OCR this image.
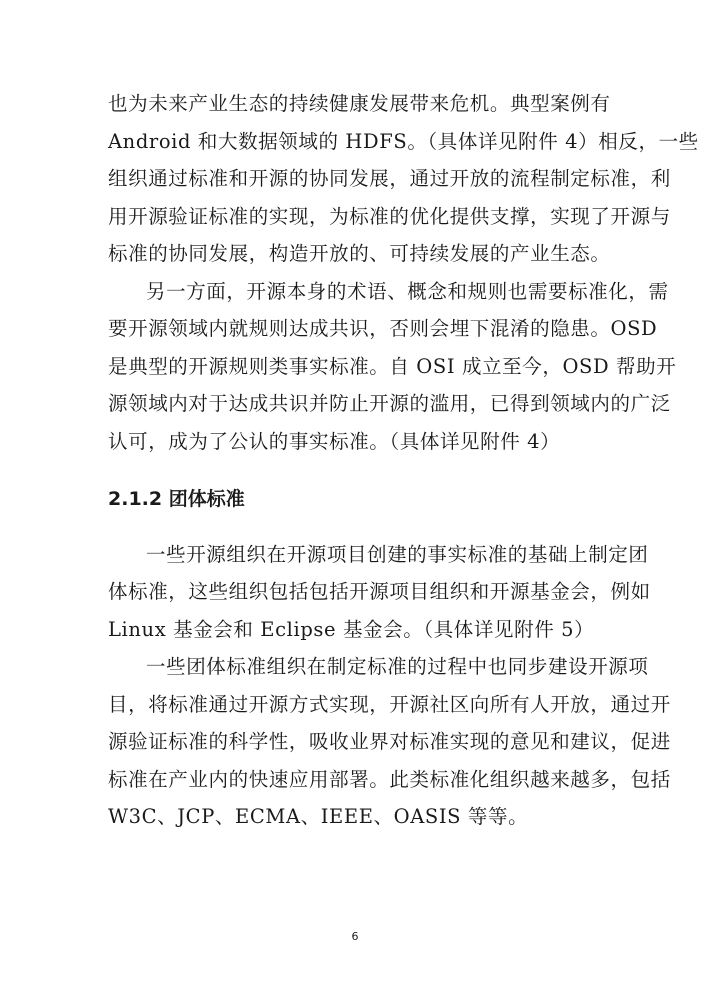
也为未来产业生态的持续健康发展带来危机。典型案例有
Android 和大数据领域的 HDFS。（具体详见附件 4）相反，一些
组织通过标准和开源的协同发展，通过开放的流程制定标准，利
用开源验证标准的实现，为标准的优化提供支撑，实现了开源与
标准的协同发展，构造开放的、可持续发展的产业生态。
另一方面，开源本身的术语、概念和规则也需要标准化，需
要开源领域内就规则达成共识，否则会埋下混淆的隐患。OSD
是典型的开源规则类事实标准。自 OSI 成立至今，OSD 帮助开
源领域内对于达成共识并防止开源的滥用，已得到领域内的广泛
认可，成为了公认的事实标准。（具体详见附件 4）
2.1.2 团体标准
一些开源组织在开源项目创建的事实标准的基础上制定团
体标准，这些组织包括包括开源项目组织和开源基金会，例如
Linux 基金会和 Eclipse 基金会。（具体详见附件 5）
一些团体标准组织在制定标准的过程中也同步建设开源项
目，将标准通过开源方式实现，开源社区向所有人开放，通过开
源验证标准的科学性，吸收业界对标准实现的意见和建议，促进
标准在产业内的快速应用部署。此类标准化组织越来越多，包括
W3C、JCP、ECMA、IEEE、OASIS 等等。
6
